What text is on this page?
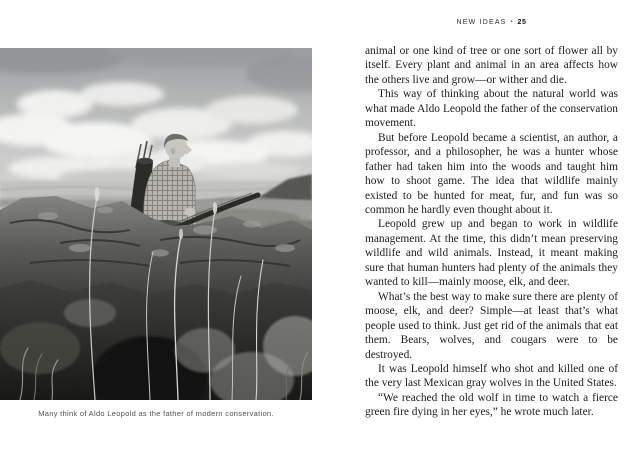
NEW IDEAS • 25
Many think of Aldo Leopold as the father of modern conservation.

animal or one kind of tree or one sort of flower all by itself. Every plant and animal in an area affects how the others live and grow—or wither and die.

This way of thinking about the natural world was what made Aldo Leopold the father of the conservation movement.

But before Leopold became a scientist, an author, a professor, and a philosopher, he was a hunter whose father had taken him into the woods and taught him how to shoot game. The idea that wildlife mainly existed to be hunted for meat, fur, and fun was so common he hardly even thought about it.

Leopold grew up and began to work in wildlife management. At the time, this didn’t mean preserving wildlife and wild animals. Instead, it meant making sure that human hunters had plenty of the animals they wanted to kill—mainly moose, elk, and deer.

What’s the best way to make sure there are plenty of moose, elk, and deer? Simple—at least that’s what people used to think. Just get rid of the animals that eat them. Bears, wolves, and cougars were to be destroyed.

It was Leopold himself who shot and killed one of the very last Mexican gray wolves in the United States.

“We reached the old wolf in time to watch a fierce green fire dying in her eyes,” he wrote much later.
